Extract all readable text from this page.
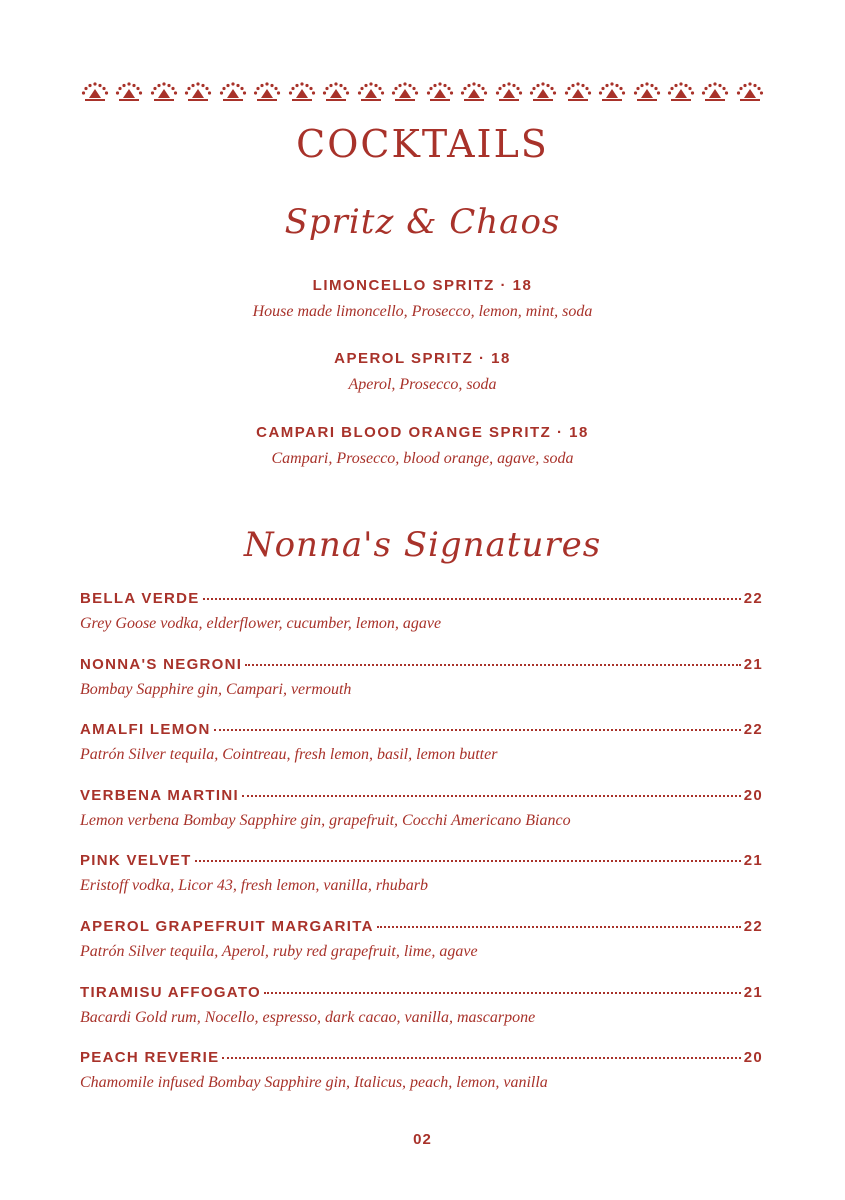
COCKTAILS
Spritz & Chaos
LIMONCELLO SPRITZ · 18
House made limoncello, Prosecco, lemon, mint, soda
APEROL SPRITZ · 18
Aperol, Prosecco, soda
CAMPARI BLOOD ORANGE SPRITZ · 18
Campari, Prosecco, blood orange, agave, soda
Nonna's Signatures
BELLA VERDE	22
Grey Goose vodka, elderflower, cucumber, lemon, agave
NONNA'S NEGRONI	21
Bombay Sapphire gin, Campari, vermouth
AMALFI LEMON	22
Patrón Silver tequila, Cointreau, fresh lemon, basil, lemon butter
VERBENA MARTINI	20
Lemon verbena Bombay Sapphire gin, grapefruit, Cocchi Americano Bianco
PINK VELVET	21
Eristoff vodka, Licor 43, fresh lemon, vanilla, rhubarb
APEROL GRAPEFRUIT MARGARITA	22
Patrón Silver tequila, Aperol, ruby red grapefruit, lime, agave
TIRAMISU AFFOGATO	21
Bacardi Gold rum, Nocello, espresso, dark cacao, vanilla, mascarpone
PEACH REVERIE	20
Chamomile infused Bombay Sapphire gin, Italicus, peach, lemon, vanilla
02
